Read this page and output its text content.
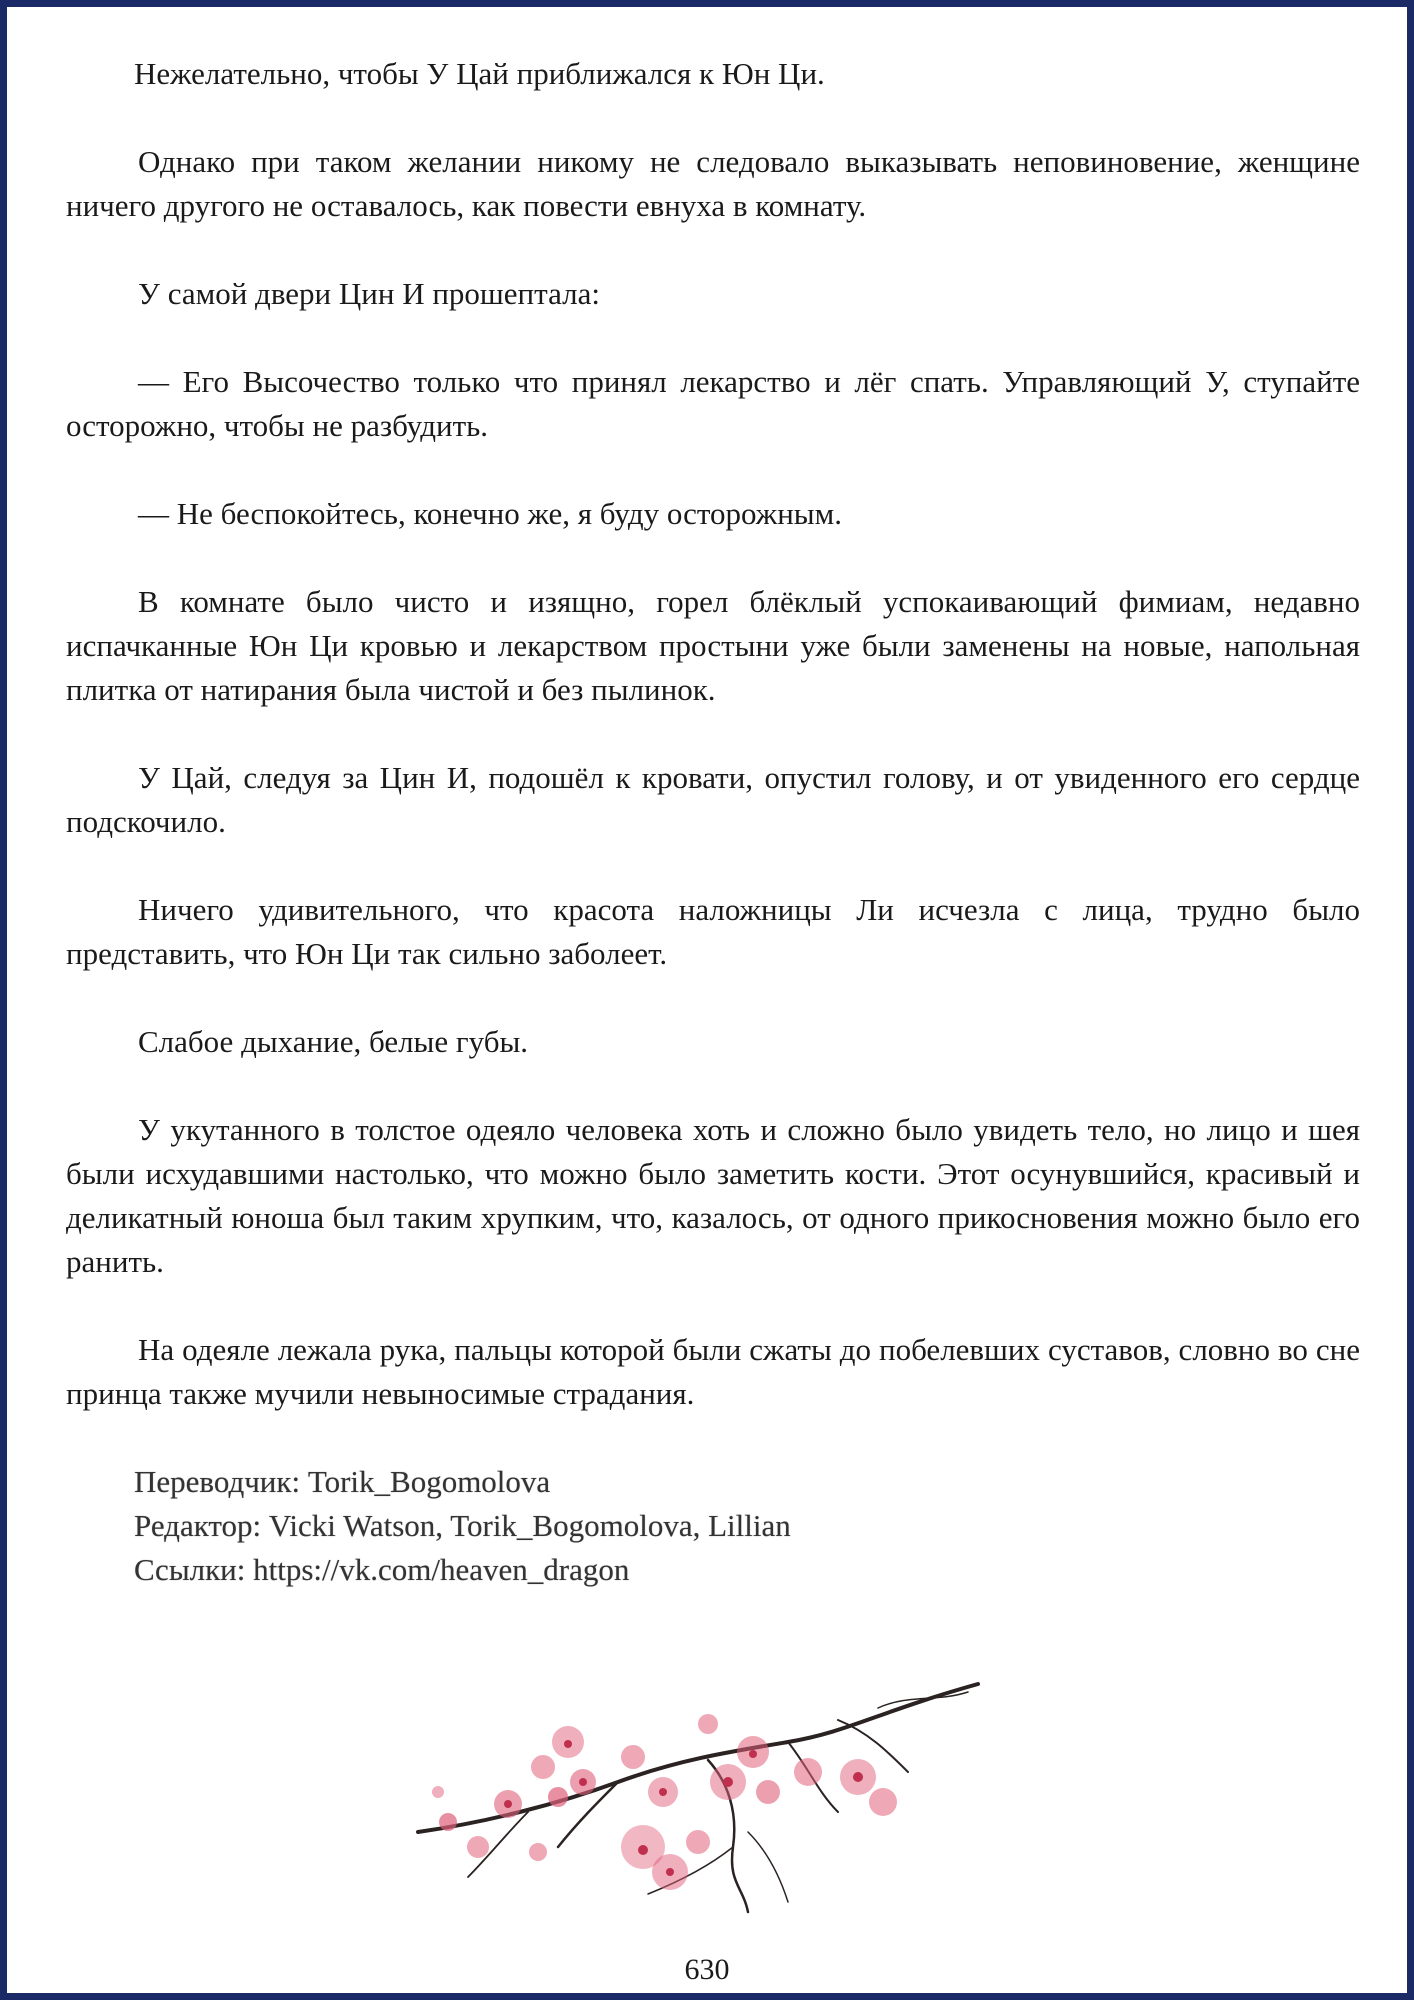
Нежелательно, чтобы У Цай приближался к Юн Ци.

Однако при таком желании никому не следовало выказывать неповиновение, женщине ничего другого не оставалось, как повести евнуха в комнату.

У самой двери Цин И прошептала:

— Его Высочество только что принял лекарство и лёг спать. Управляющий У, ступайте осторожно, чтобы не разбудить.

— Не беспокойтесь, конечно же, я буду осторожным.

В комнате было чисто и изящно, горел блёклый успокаивающий фимиам, недавно испачканные Юн Ци кровью и лекарством простыни уже были заменены на новые, напольная плитка от натирания была чистой и без пылинок.

У Цай, следуя за Цин И, подошёл к кровати, опустил голову, и от увиденного его сердце подскочило.

Ничего удивительного, что красота наложницы Ли исчезла с лица, трудно было представить, что Юн Ци так сильно заболеет.

Слабое дыхание, белые губы.

У укутанного в толстое одеяло человека хоть и сложно было увидеть тело, но лицо и шея были исхудавшими настолько, что можно было заметить кости. Этот осунувшийся, красивый и деликатный юноша был таким хрупким, что, казалось, от одного прикосновения можно было его ранить.

На одеяле лежала рука, пальцы которой были сжаты до побелевших суставов, словно во сне принца также мучили невыносимые страдания.

Переводчик: Torik_Bogomolova
Редактор: Vicki Watson, Torik_Bogomolova, Lillian
Ссылки: https://vk.com/heaven_dragon
630
